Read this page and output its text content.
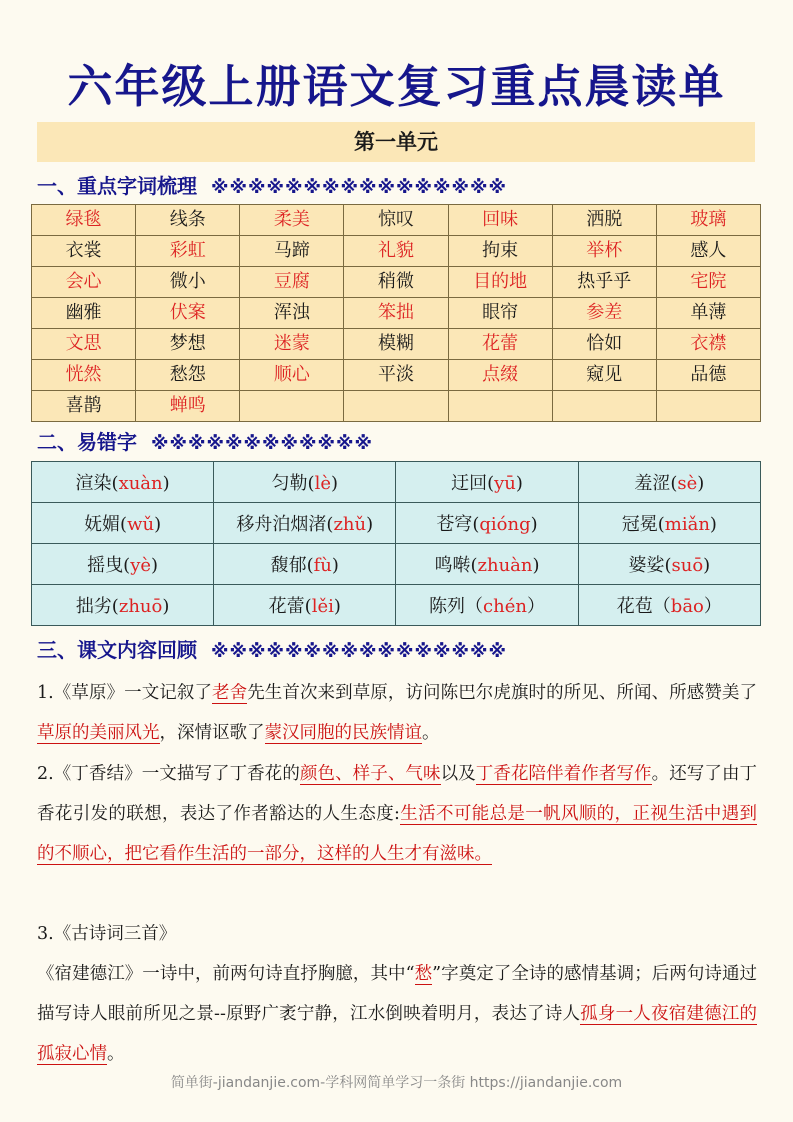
六年级上册语文复习重点晨读单
第一单元
一、重点字词梳理 ※※※※※※※※※※※※※※※※
绿毯	线条	柔美	惊叹	回味	洒脱	玻璃
衣裳	彩虹	马蹄	礼貌	拘束	举杯	感人
会心	微小	豆腐	稍微	目的地	热乎乎	宅院
幽雅	伏案	浑浊	笨拙	眼帘	参差	单薄
文思	梦想	迷蒙	模糊	花蕾	恰如	衣襟
恍然	愁怨	顺心	平淡	点缀	窥见	品德
喜鹊	蝉鸣					
二、易错字 ※※※※※※※※※※※※
渲染(xuàn)	匀勒(lè)	迂回(yū)	羞涩(sè)
妩媚(wǔ)	移舟泊烟渚(zhǔ)	苍穹(qióng)	冠冕(miǎn)
摇曳(yè)	馥郁(fù)	鸣啭(zhuàn)	婆娑(suō)
拙劣(zhuō)	花蕾(lěi)	陈列（chén）	花苞（bāo）
三、课文内容回顾 ※※※※※※※※※※※※※※※※
1.《草原》一文记叙了老舍先生首次来到草原，访问陈巴尔虎旗时的所见、所闻、所感赞美了草原的美丽风光，深情讴歌了蒙汉同胞的民族情谊。
2.《丁香结》一文描写了丁香花的颜色、样子、气味以及丁香花陪伴着作者写作。还写了由丁香花引发的联想，表达了作者豁达的人生态度:生活不可能总是一帆风顺的，正视生活中遇到的不顺心，把它看作生活的一部分，这样的人生才有滋味。
3.《古诗词三首》
《宿建德江》一诗中，前两句诗直抒胸臆，其中“愁”字奠定了全诗的感情基调；后两句诗通过描写诗人眼前所见之景--原野广袤宁静，江水倒映着明月，表达了诗人孤身一人夜宿建德江的孤寂心情。
简单街-jiandanjie.com-学科网简单学习一条街 https://jiandanjie.com
